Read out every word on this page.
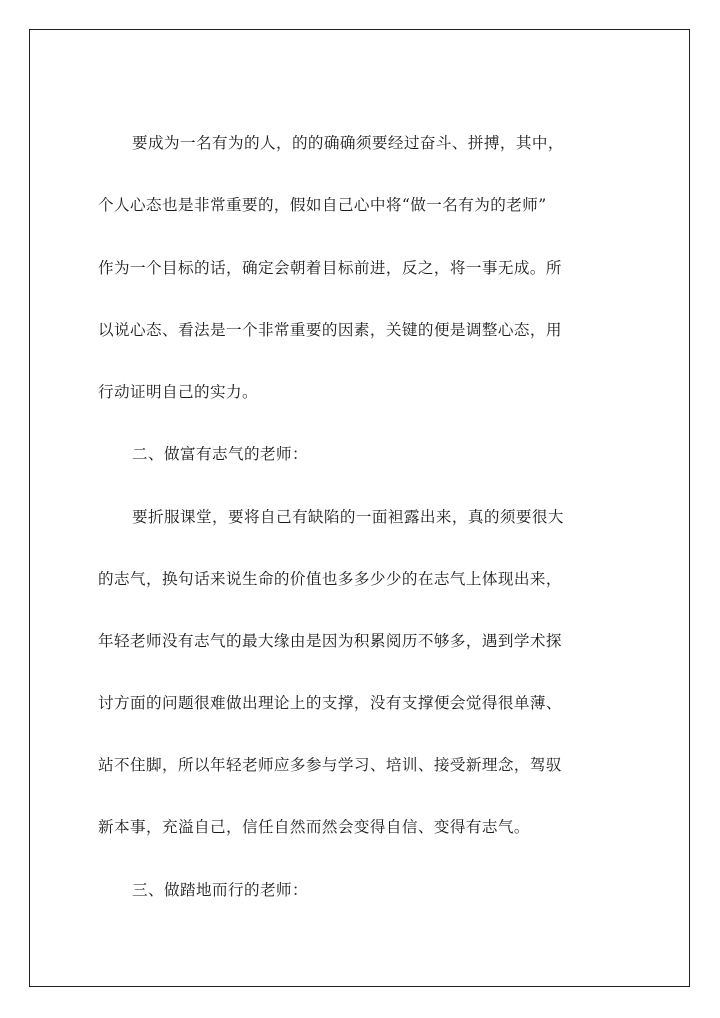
要成为一名有为的人，的的确确须要经过奋斗、拼搏，其中，
个人心态也是非常重要的，假如自己心中将“做一名有为的老师”
作为一个目标的话，确定会朝着目标前进，反之，将一事无成。所
以说心态、看法是一个非常重要的因素，关键的便是调整心态，用
行动证明自己的实力。
二、做富有志气的老师：
要折服课堂，要将自己有缺陷的一面袒露出来，真的须要很大
的志气，换句话来说生命的价值也多多少少的在志气上体现出来，
年轻老师没有志气的最大缘由是因为积累阅历不够多，遇到学术探
讨方面的问题很难做出理论上的支撑，没有支撑便会觉得很单薄、
站不住脚，所以年轻老师应多参与学习、培训、接受新理念，驾驭
新本事，充溢自己，信任自然而然会变得自信、变得有志气。
三、做踏地而行的老师：
